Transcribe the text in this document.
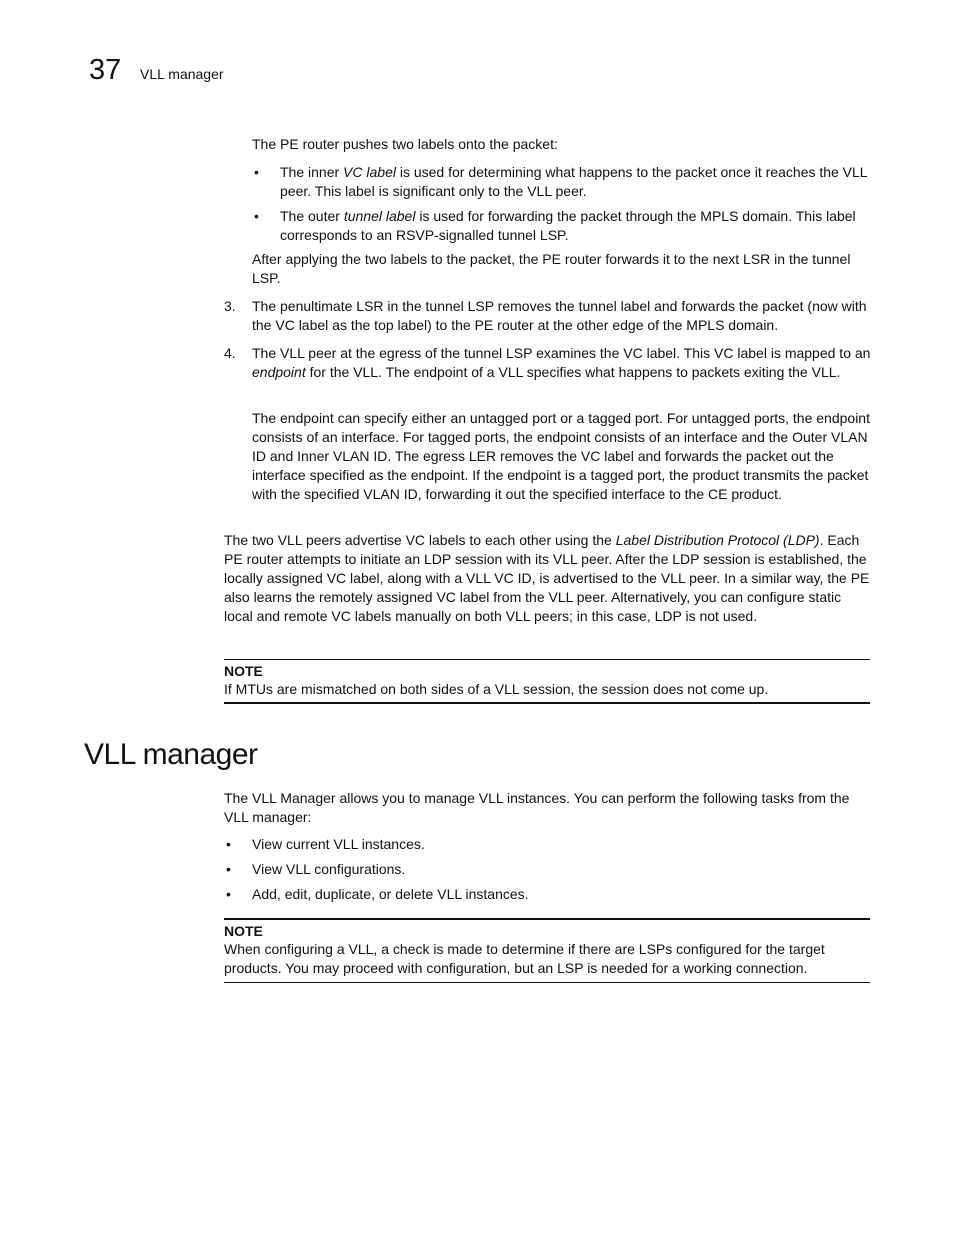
37 VLL manager

The PE router pushes two labels onto the packet:

• The inner VC label is used for determining what happens to the packet once it reaches the VLL peer. This label is significant only to the VLL peer.

• The outer tunnel label is used for forwarding the packet through the MPLS domain. This label corresponds to an RSVP-signalled tunnel LSP.

After applying the two labels to the packet, the PE router forwards it to the next LSR in the tunnel LSP.

3. The penultimate LSR in the tunnel LSP removes the tunnel label and forwards the packet (now with the VC label as the top label) to the PE router at the other edge of the MPLS domain.

4. The VLL peer at the egress of the tunnel LSP examines the VC label. This VC label is mapped to an endpoint for the VLL. The endpoint of a VLL specifies what happens to packets exiting the VLL.

The endpoint can specify either an untagged port or a tagged port. For untagged ports, the endpoint consists of an interface. For tagged ports, the endpoint consists of an interface and the Outer VLAN ID and Inner VLAN ID. The egress LER removes the VC label and forwards the packet out the interface specified as the endpoint. If the endpoint is a tagged port, the product transmits the packet with the specified VLAN ID, forwarding it out the specified interface to the CE product.

The two VLL peers advertise VC labels to each other using the Label Distribution Protocol (LDP). Each PE router attempts to initiate an LDP session with its VLL peer. After the LDP session is established, the locally assigned VC label, along with a VLL VC ID, is advertised to the VLL peer. In a similar way, the PE also learns the remotely assigned VC label from the VLL peer. Alternatively, you can configure static local and remote VC labels manually on both VLL peers; in this case, LDP is not used.

NOTE

If MTUs are mismatched on both sides of a VLL session, the session does not come up.

VLL manager

The VLL Manager allows you to manage VLL instances. You can perform the following tasks from the VLL manager:

• View current VLL instances.

• View VLL configurations.

• Add, edit, duplicate, or delete VLL instances.

NOTE

When configuring a VLL, a check is made to determine if there are LSPs configured for the target products. You may proceed with configuration, but an LSP is needed for a working connection.
